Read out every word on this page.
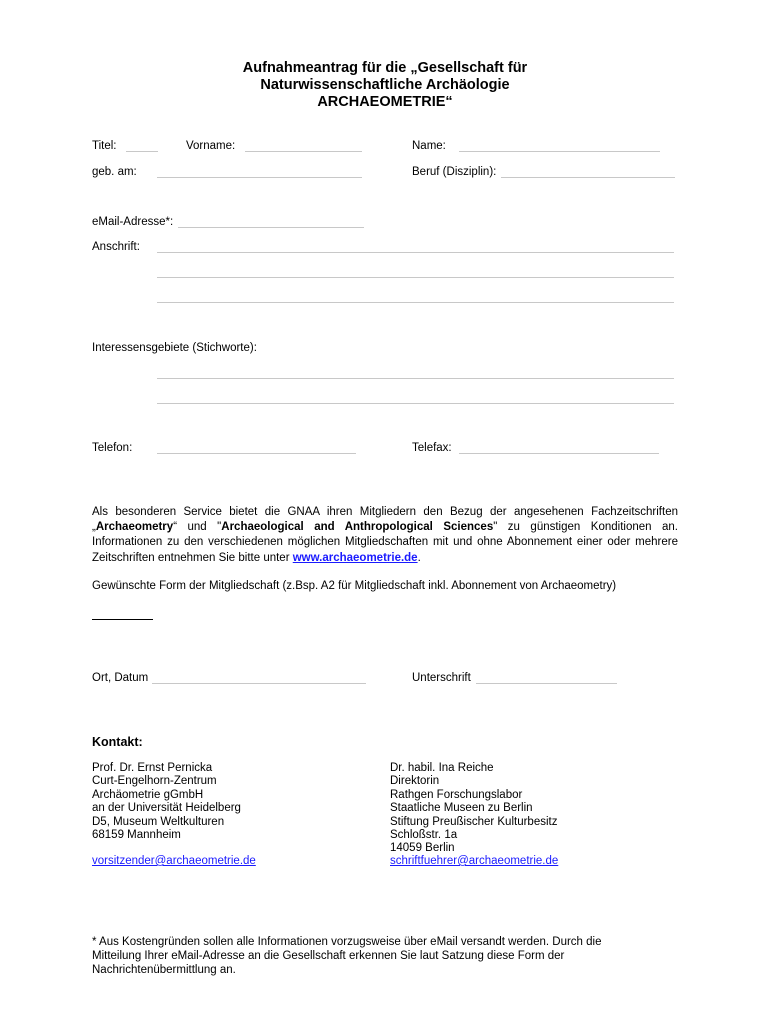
Aufnahmeantrag für die „Gesellschaft für
Naturwissenschaftliche Archäologie
ARCHAEOMETRIE“
Titel:	Vorname:	Name:
geb. am:	Beruf (Disziplin):
eMail-Adresse*:
Anschrift:
Interessensgebiete (Stichworte):
Telefon:	Telefax:
Als besonderen Service bietet die GNAA ihren Mitgliedern den Bezug der angesehenen Fachzeitschriften „Archaeometry“ und "Archaeological and Anthropological Sciences" zu günstigen Konditionen an. Informationen zu den verschiedenen möglichen Mitgliedschaften mit und ohne Abonnement einer oder mehrere Zeitschriften entnehmen Sie bitte unter www.archaeometrie.de.
Gewünschte Form der Mitgliedschaft (z.Bsp. A2 für Mitgliedschaft inkl. Abonnement von Archaeometry)
Ort, Datum	Unterschrift
Kontakt:
Prof. Dr. Ernst Pernicka
Curt-Engelhorn-Zentrum
Archäometrie gGmbH
an der Universität Heidelberg
D5, Museum Weltkulturen
68159 Mannheim
vorsitzender@archaeometrie.de
Dr. habil. Ina Reiche
Direktorin
Rathgen Forschungslabor
Staatliche Museen zu Berlin
Stiftung Preußischer Kulturbesitz
Schloßstr. 1a
14059 Berlin
schriftfuehrer@archaeometrie.de
* Aus Kostengründen sollen alle Informationen vorzugsweise über eMail versandt werden. Durch die
Mitteilung Ihrer eMail-Adresse an die Gesellschaft erkennen Sie laut Satzung diese Form der
Nachrichtenübermittlung an.
